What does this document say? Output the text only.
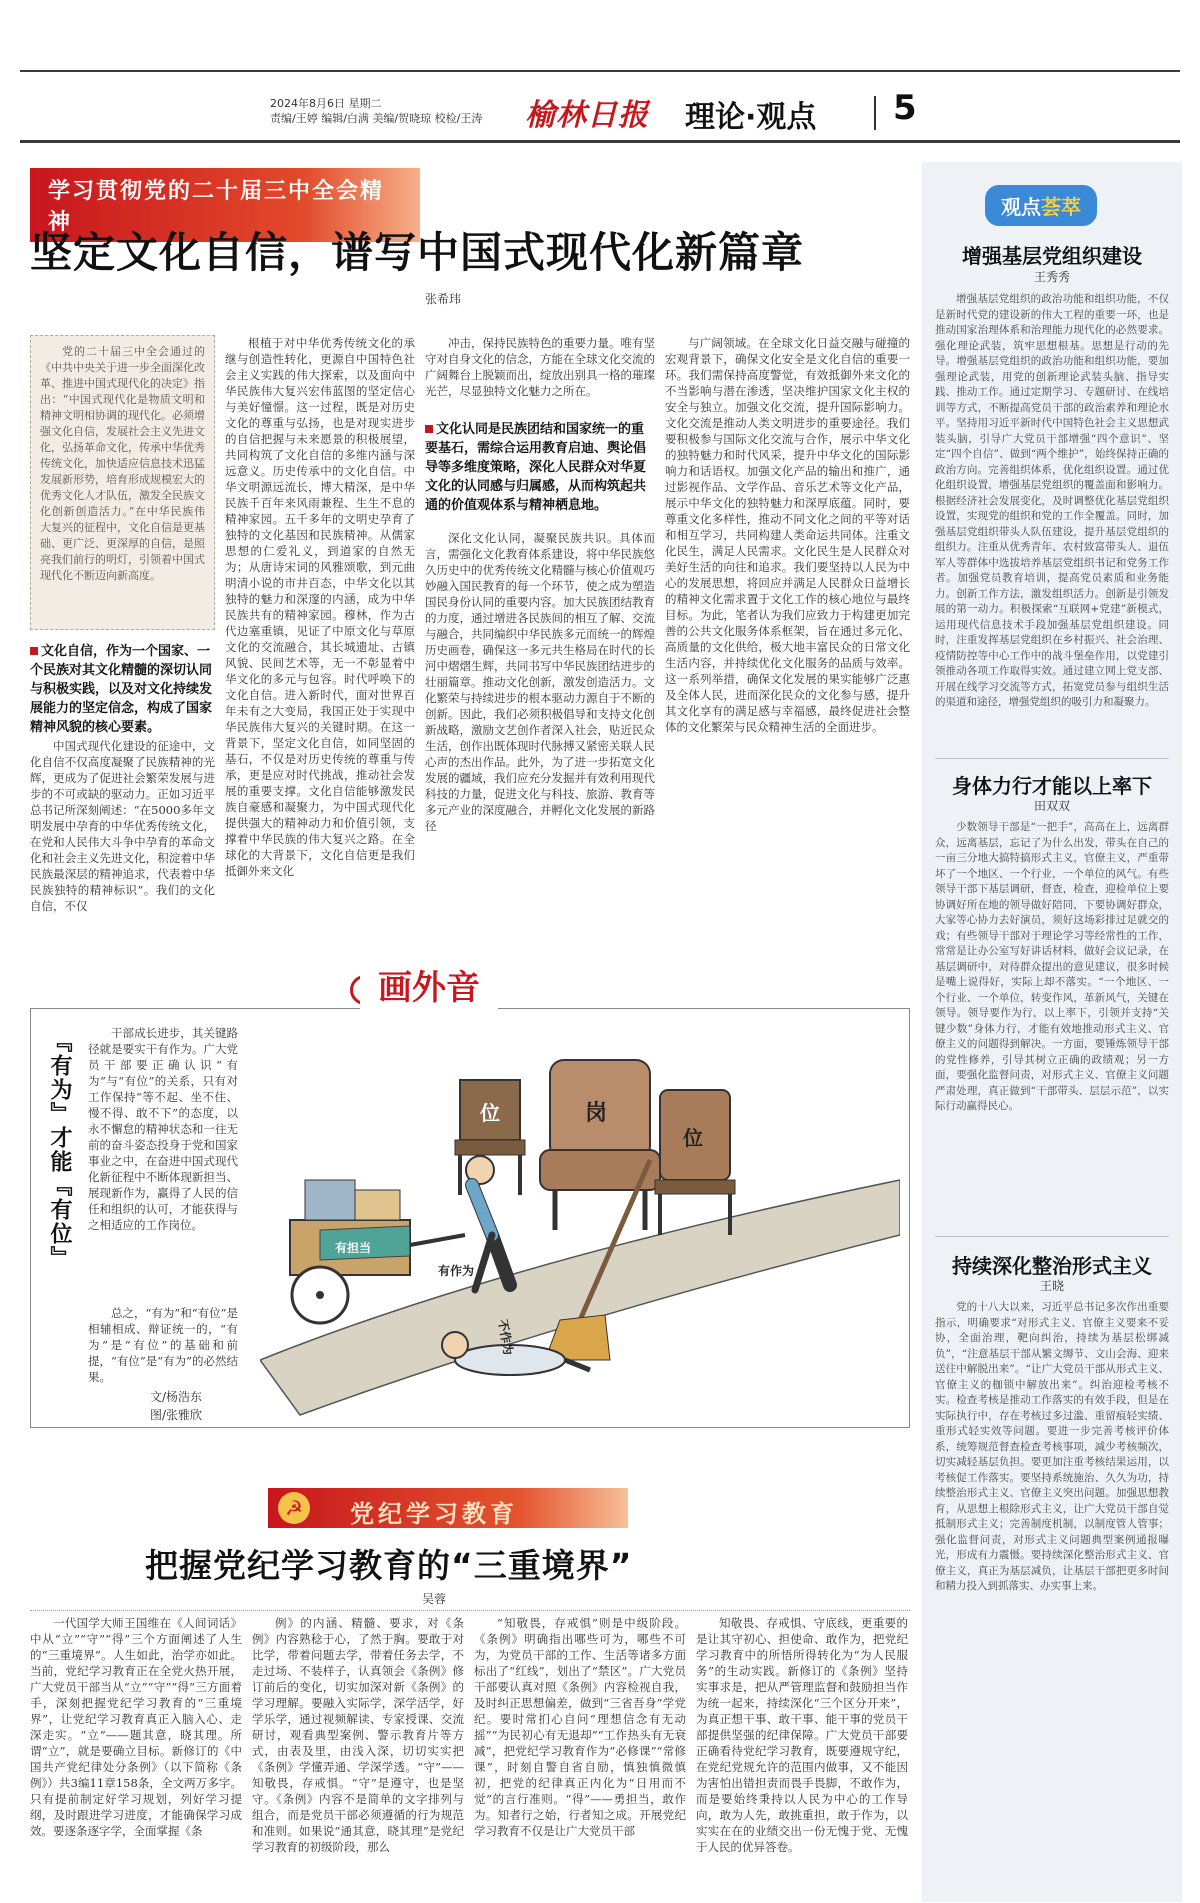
2024年8月6日 星期二
责编/王婷 编辑/白满 美编/贺晓琼 校检/王涛	榆林日报 理论·观点 5
学习贯彻党的二十届三中全会精神
坚定文化自信，谱写中国式现代化新篇章
张希玮

党的二十届三中全会通过的《中共中央关于进一步全面深化改革、推进中国式现代化的决定》指出：“中国式现代化是物质文明和精神文明相协调的现代化。必须增强文化自信，发展社会主义先进文化，弘扬革命文化，传承中华优秀传统文化，加快适应信息技术迅猛发展新形势，培育形成规模宏大的优秀文化人才队伍，激发全民族文化创新创造活力。”在中华民族伟大复兴的征程中，文化自信是更基础、更广泛、更深厚的自信，是照亮我们前行的明灯，引领着中国式现代化不断迈向新高度。

文化自信，作为一个国家、一个民族对其文化精髓的深切认同与积极实践，以及对文化持续发展能力的坚定信念，构成了国家精神风貌的核心要素。

中国式现代化建设的征途中，文化自信不仅高度凝聚了民族精神的光辉，更成为了促进社会繁荣发展与进步的不可或缺的驱动力。正如习近平总书记所深刻阐述：“在5000多年文明发展中孕育的中华优秀传统文化，在党和人民伟大斗争中孕育的革命文化和社会主义先进文化，积淀着中华民族最深层的精神追求，代表着中华民族独特的精神标识”。我们的文化自信，不仅

根植于对中华优秀传统文化的承继与创造性转化，更源自中国特色社会主义实践的伟大探索，以及面向中华民族伟大复兴宏伟蓝图的坚定信心与美好憧憬。这一过程，既是对历史文化的尊重与弘扬，也是对现实进步的自信把握与未来愿景的积极展望，共同构筑了文化自信的多维内涵与深远意义。历史传承中的文化自信。中华文明源远流长，博大精深，是中华民族千百年来风雨兼程、生生不息的精神家园。五千多年的文明史孕育了独特的文化基因和民族精神。从儒家思想的仁爱礼义，到道家的自然无为；从唐诗宋词的风雅颂歌，到元曲明清小说的市井百态，中华文化以其独特的魅力和深邃的内涵，成为中华民族共有的精神家园。穆林，作为古代边塞重镇，见证了中原文化与草原文化的交流融合，其长城遗址、古镇风貌、民间艺术等，无一不彰显着中华文化的多元与包容。时代呼唤下的文化自信。进入新时代，面对世界百年未有之大变局，我国正处于实现中华民族伟大复兴的关键时期。在这一背景下，坚定文化自信，如同坚固的基石，不仅是对历史传统的尊重与传承，更是应对时代挑战，推动社会发展的重要支撑。文化自信能够激发民族自豪感和凝聚力，为中国式现代化提供强大的精神动力和价值引领，支撑着中华民族的伟大复兴之路。在全球化的大背景下，文化自信更是我们抵御外来文化

冲击，保持民族特色的重要力量。唯有坚守对自身文化的信念，方能在全球文化交流的广阔舞台上脱颖而出，绽放出别具一格的璀璨光芒，尽显独特文化魅力之所在。

文化认同是民族团结和国家统一的重要基石，需综合运用教育启迪、舆论倡导等多维度策略，深化人民群众对华夏文化的认同感与归属感，从而构筑起共通的价值观体系与精神栖息地。

深化文化认同，凝聚民族共识。具体而言，需强化文化教育体系建设，将中华民族悠久历史中的优秀传统文化精髓与核心价值观巧妙融入国民教育的每一个环节，使之成为塑造国民身份认同的重要内容。加大民族团结教育的力度，通过增进各民族间的相互了解、交流与融合，共同编织中华民族多元而统一的辉煌历史画卷，确保这一多元共生格局在时代的长河中熠熠生辉，共同书写中华民族团结进步的壮丽篇章。推动文化创新，激发创造活力。文化繁荣与持续进步的根本驱动力源自于不断的创新。因此，我们必须积极倡导和支持文化创新战略，激励文艺创作者深入社会，贴近民众生活，创作出既体现时代脉搏又紧密关联人民心声的杰出作品。此外，为了进一步拓宽文化发展的疆域，我们应充分发掘并有效利用现代科技的力量，促进文化与科技、旅游、教育等多元产业的深度融合，并孵化文化发展的新路径

与广阔领域。在全球文化日益交融与碰撞的宏观背景下，确保文化安全是文化自信的重要一环。我们需保持高度警觉，有效抵御外来文化的不当影响与潜在渗透，坚决维护国家文化主权的安全与独立。加强文化交流，提升国际影响力。文化交流是推动人类文明进步的重要途径。我们要积极参与国际文化交流与合作，展示中华文化的独特魅力和时代风采，提升中华文化的国际影响力和话语权。加强文化产品的输出和推广，通过影视作品、文学作品、音乐艺术等文化产品，展示中华文化的独特魅力和深厚底蕴。同时，要尊重文化多样性，推动不同文化之间的平等对话和相互学习，共同构建人类命运共同体。注重文化民生，满足人民需求。文化民生是人民群众对美好生活的向往和追求。我们要坚持以人民为中心的发展思想，将回应并满足人民群众日益增长的精神文化需求置于文化工作的核心地位与最终目标。为此，笔者认为我们应致力于构建更加完善的公共文化服务体系框架，旨在通过多元化、高质量的文化供给，极大地丰富民众的日常文化生活内容，并持续优化文化服务的品质与效率。这一系列举措，确保文化发展的果实能够广泛惠及全体人民，进而深化民众的文化参与感，提升其文化享有的满足感与幸福感，最终促进社会整体的文化繁荣与民众精神生活的全面进步。

画外音
『有为』才能『有位』	干部成长进步，其关键路径就是要实干有作为。广大党员干部要正确认识“有为”与“有位”的关系，只有对工作保持“等不起、坐不住、慢不得、敢不下”的态度，以永不懈怠的精神状态和一往无前的奋斗姿态投身于党和国家事业之中，在奋进中国式现代化新征程中不断体现新担当、展现新作为，赢得了人民的信任和组织的认可，才能获得与之相适应的工作岗位。

总之，“有为”和“有位”是相辅相成、辩证统一的，“有为”是“有位”的基础和前提，“有位”是“有为”的必然结果。

文/杨浩东
图/张雅欣
有担当
有作为
位	岗
位
不作为
☭ 党纪学习教育
把握党纪学习教育的“三重境界”
吴蓉

一代国学大师王国维在《人间词话》中从“立”“守”“得”三个方面阐述了人生的“三重境界”。人生如此，治学亦如此。当前，党纪学习教育正在全党火热开展，广大党员干部当从“立”“守”“得”三方面着手，深刻把握党纪学习教育的“三重境界”，让党纪学习教育真正入脑入心、走深走实。“立”——题其意，晓其理。所谓“立”，就是要确立目标。新修订的《中国共产党纪律处分条例》（以下简称《条例》）共3编11章158条，全文两万多字。只有提前制定好学习规划，列好学习提纲，及时跟进学习进度，才能确保学习成效。要逐条逐字学，全面掌握《条

例》的内涵、精髓、要求，对《条例》内容熟稔于心，了然于胸。要敢于对比学，带着问题去学，带着任务去学，不走过场、不装样子，认真领会《条例》修订前后的变化，切实加深对新《条例》的学习理解。要融入实际学，深学活学，好学乐学，通过视频解读、专家授课、交流研讨，观看典型案例、警示教育片等方式，由表及里，由浅入深，切切实实把《条例》学懂弄通、学深学透。“守”——知敬畏，存戒惧。“守”是遵守，也是坚守。《条例》内容不是简单的文字排列与组合，而是党员干部必须遵循的行为规范和准则。如果说“通其意，晓其理”是党纪学习教育的初级阶段，那么

“知敬畏，存戒惧”则是中级阶段。《条例》明确指出哪些可为，哪些不可为，为党员干部的工作、生活等诸多方面标出了“红线”，划出了“禁区”。广大党员干部要认真对照《条例》内容检视自我，及时纠正思想偏差，做到“三省吾身”学党纪。要时常扪心自问“理想信念有无动摇”“为民初心有无退却”“工作热头有无衰减”，把党纪学习教育作为“必修课”“常修课”，时刻自警自省自励，慎独慎微慎初，把党的纪律真正内化为“日用而不觉”的言行准则。“得”——勇担当，敢作为。知者行之始，行者知之成。开展党纪学习教育不仅是让广大党员干部

知敬畏、存戒惧、守底线，更重要的是让其守初心、担使命、敢作为，把党纪学习教育中的所悟所得转化为“为人民服务”的生动实践。新修订的《条例》坚持实事求是，把从严管理监督和鼓励担当作为统一起来，持续深化“三个区分开来”，为真正想干事、敢干事、能干事的党员干部提供坚强的纪律保障。广大党员干部要正确看待党纪学习教育，既要遵规守纪，在党纪党规允许的范围内做事，又不能因为害怕出错担责而畏手畏脚，不敢作为，而是要始终秉持以人民为中心的工作导向，敢为人先，敢挑重担，敢于作为，以实实在在的业绩交出一份无愧于党、无愧于人民的优异答卷。

观点荟萃
增强基层党组织建设
王秀秀

增强基层党组织的政治功能和组织功能，不仅是新时代党的建设新的伟大工程的重要一环，也是推动国家治理体系和治理能力现代化的必然要求。强化理论武装，筑牢思想根基。思想是行动的先导。增强基层党组织的政治功能和组织功能，要加强理论武装，用党的创新理论武装头脑、指导实践、推动工作。通过定期学习、专题研讨、在线培训等方式，不断提高党员干部的政治素养和理论水平。坚持用习近平新时代中国特色社会主义思想武装头脑，引导广大党员干部增强“四个意识”、坚定“四个自信”、做到“两个维护”，始终保持正确的政治方向。完善组织体系，优化组织设置。通过优化组织设置，增强基层党组织的覆盖面和影响力。根据经济社会发展变化，及时调整优化基层党组织设置，实现党的组织和党的工作全覆盖。同时，加强基层党组织带头人队伍建设，提升基层党组织的组织力。注重从优秀青年、农村致富带头人、退伍军人等群体中选拔培养基层党组织书记和党务工作者。加强党员教育培训，提高党员素质和业务能力。创新工作方法，激发组织活力。创新是引领发展的第一动力。积极探索“互联网+党建”新模式，运用现代信息技术手段加强基层党组织建设。同时，注重发挥基层党组织在乡村振兴、社会治理、疫情防控等中心工作中的战斗堡垒作用，以党建引领推动各项工作取得实效。通过建立网上党支部、开展在线学习交流等方式，拓宽党员参与组织生活的渠道和途径，增强党组织的吸引力和凝聚力。

身体力行才能以上率下
田双双

少数领导干部是“一把手”，高高在上，远离群众，远离基层，忘记了为什么出发，带头在自己的一亩三分地大搞特搞形式主义，官僚主义，严重带坏了一个地区、一个行业，一个单位的风气。有些领导干部下基层调研，督查，检查，迎检单位上要协调好所在地的领导做好陪同，下要协调好群众，大家等心协力去好演员，须好这场彩排过足就交的戏；有些领导干部对于理论学习等经常性的工作，常常是让办公室写好讲话材料，做好会议记录，在基层调研中，对待群众提出的意见建议，很多时候是嘴上说得好，实际上却不落实。“一个地区、一个行业、一个单位，转变作风，革新风气，关键在领导。领导要作为行，以上率下，引领并支持“关键少数”身体力行，才能有效地推动形式主义、官僚主义的问题得到解决。一方面，要锤炼领导干部的党性修养，引导其树立正确的政绩观；另一方面，要强化监督问责，对形式主义、官僚主义问题严肃处理，真正做到“干部带头、层层示范”，以实际行动赢得民心。

持续深化整治形式主义
王晓

党的十八大以来，习近平总书记多次作出重要指示，明确要求“对形式主义、官僚主义要来不妥协，全面治理，靶向纠治，持续为基层松绑减负”，“注意基层干部从繁文缛节、文山会海、迎来送往中解脱出来”。“让广大党员干部从形式主义、官僚主义的枷锁中解放出来”。纠治迎检考核不实。检查考核是推动工作落实的有效手段，但是在实际执行中，存在考核过多过滥、重留痕轻实绩、重形式轻实效等问题。要进一步完善考核评价体系，统筹规范督查检查考核事项，减少考核频次，切实减轻基层负担。要更加注重考核结果运用，以考核促工作落实。要坚持系统施治、久久为功，持续整治形式主义、官僚主义突出问题。加强思想教育，从思想上根除形式主义，让广大党员干部自觉抵制形式主义；完善制度机制，以制度管人管事；强化监督问责，对形式主义问题典型案例通报曝光，形成有力震慑。要持续深化整治形式主义、官僚主义，真正为基层减负，让基层干部把更多时间和精力投入到抓落实、办实事上来。
